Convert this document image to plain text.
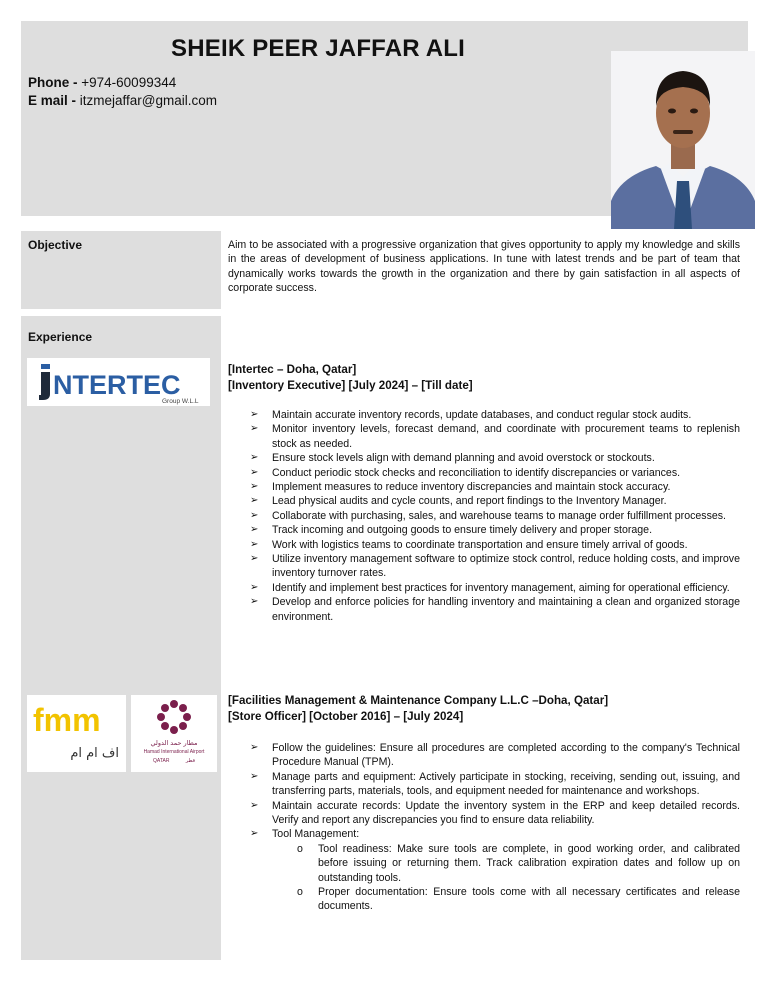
SHEIK PEER JAFFAR ALI
Phone - +974-60099344
E mail - itzmejaffar@gmail.com
Objective	Aim to be associated with a progressive organization that gives opportunity to apply my knowledge and skills in the areas of development of business applications. In tune with latest trends and be part of team that dynamically works towards the growth in the organization and there by gain satisfaction in all aspects of corporate success.
Experience
NTERTEC
Group W.L.L
[Intertec – Doha, Qatar]
[Inventory Executive] [July 2024] – [Till date]
➢ Maintain accurate inventory records, update databases, and conduct regular stock audits.
➢ Monitor inventory levels, forecast demand, and coordinate with procurement teams to replenish stock as needed.
➢ Ensure stock levels align with demand planning and avoid overstock or stockouts.
➢ Conduct periodic stock checks and reconciliation to identify discrepancies or variances.
➢ Implement measures to reduce inventory discrepancies and maintain stock accuracy.
➢ Lead physical audits and cycle counts, and report findings to the Inventory Manager.
➢ Collaborate with purchasing, sales, and warehouse teams to manage order fulfillment processes.
➢ Track incoming and outgoing goods to ensure timely delivery and proper storage.
➢ Work with logistics teams to coordinate transportation and ensure timely arrival of goods.
➢ Utilize inventory management software to optimize stock control, reduce holding costs, and improve inventory turnover rates.
➢ Identify and implement best practices for inventory management, aiming for operational efficiency.
➢ Develop and enforce policies for handling inventory and maintaining a clean and organized storage environment.
fmm
اف ام ام
مطار حمد الدولي
Hamad International Airport
QATAR	قطر
[Facilities Management & Maintenance Company L.L.C –Doha, Qatar]
[Store Officer] [October 2016] – [July 2024]
➢ Follow the guidelines: Ensure all procedures are completed according to the company's Technical Procedure Manual (TPM).
➢ Manage parts and equipment: Actively participate in stocking, receiving, sending out, issuing, and transferring parts, materials, tools, and equipment needed for maintenance and workshops.
➢ Maintain accurate records: Update the inventory system in the ERP and keep detailed records. Verify and report any discrepancies you find to ensure data reliability.
➢ Tool Management:
o Tool readiness: Make sure tools are complete, in good working order, and calibrated before issuing or returning them. Track calibration expiration dates and follow up on outstanding tools.
o Proper documentation: Ensure tools come with all necessary certificates and release documents.
